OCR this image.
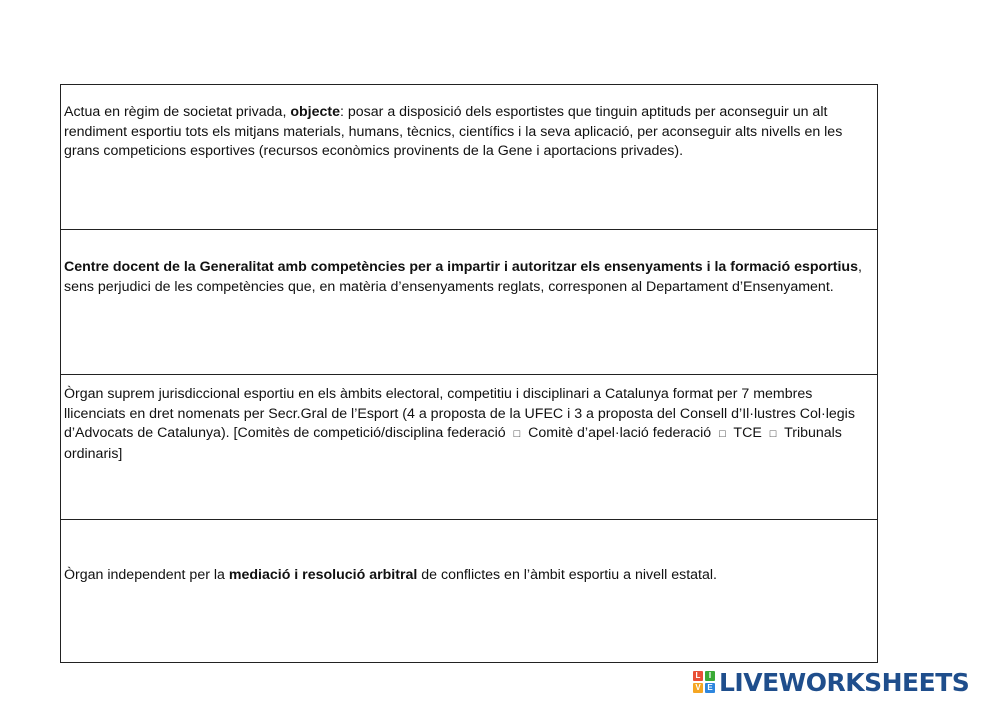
Actua en règim de societat privada, objecte: posar a disposició dels esportistes que tinguin aptituds per aconseguir un alt rendiment esportiu tots els mitjans materials, humans, tècnics, científics i la seva aplicació, per aconseguir alts nivells en les grans competicions esportives (recursos econòmics provinents de la Gene i aportacions privades).
Centre docent de la Generalitat amb competències per a impartir i autoritzar els ensenyaments i la formació esportius, sens perjudici de les competències que, en matèria d’ensenyaments reglats, corresponen al Departament d’Ensenyament.
Òrgan suprem jurisdiccional esportiu en els àmbits electoral, competitiu i disciplinari a Catalunya format per 7 membres llicenciats en dret nomenats per Secr.Gral de l’Esport (4 a proposta de la UFEC i 3 a proposta del Consell d’Il·lustres Col·legis d’Advocats de Catalunya). [Comitès de competició/disciplina federació □ Comitè d’apel·lació federació □ TCE □ Tribunals ordinaris]
Òrgan independent per la mediació i resolució arbitral de conflictes en l’àmbit esportiu a nivell estatal.
L	I
V E LIVEWORKSHEETS
